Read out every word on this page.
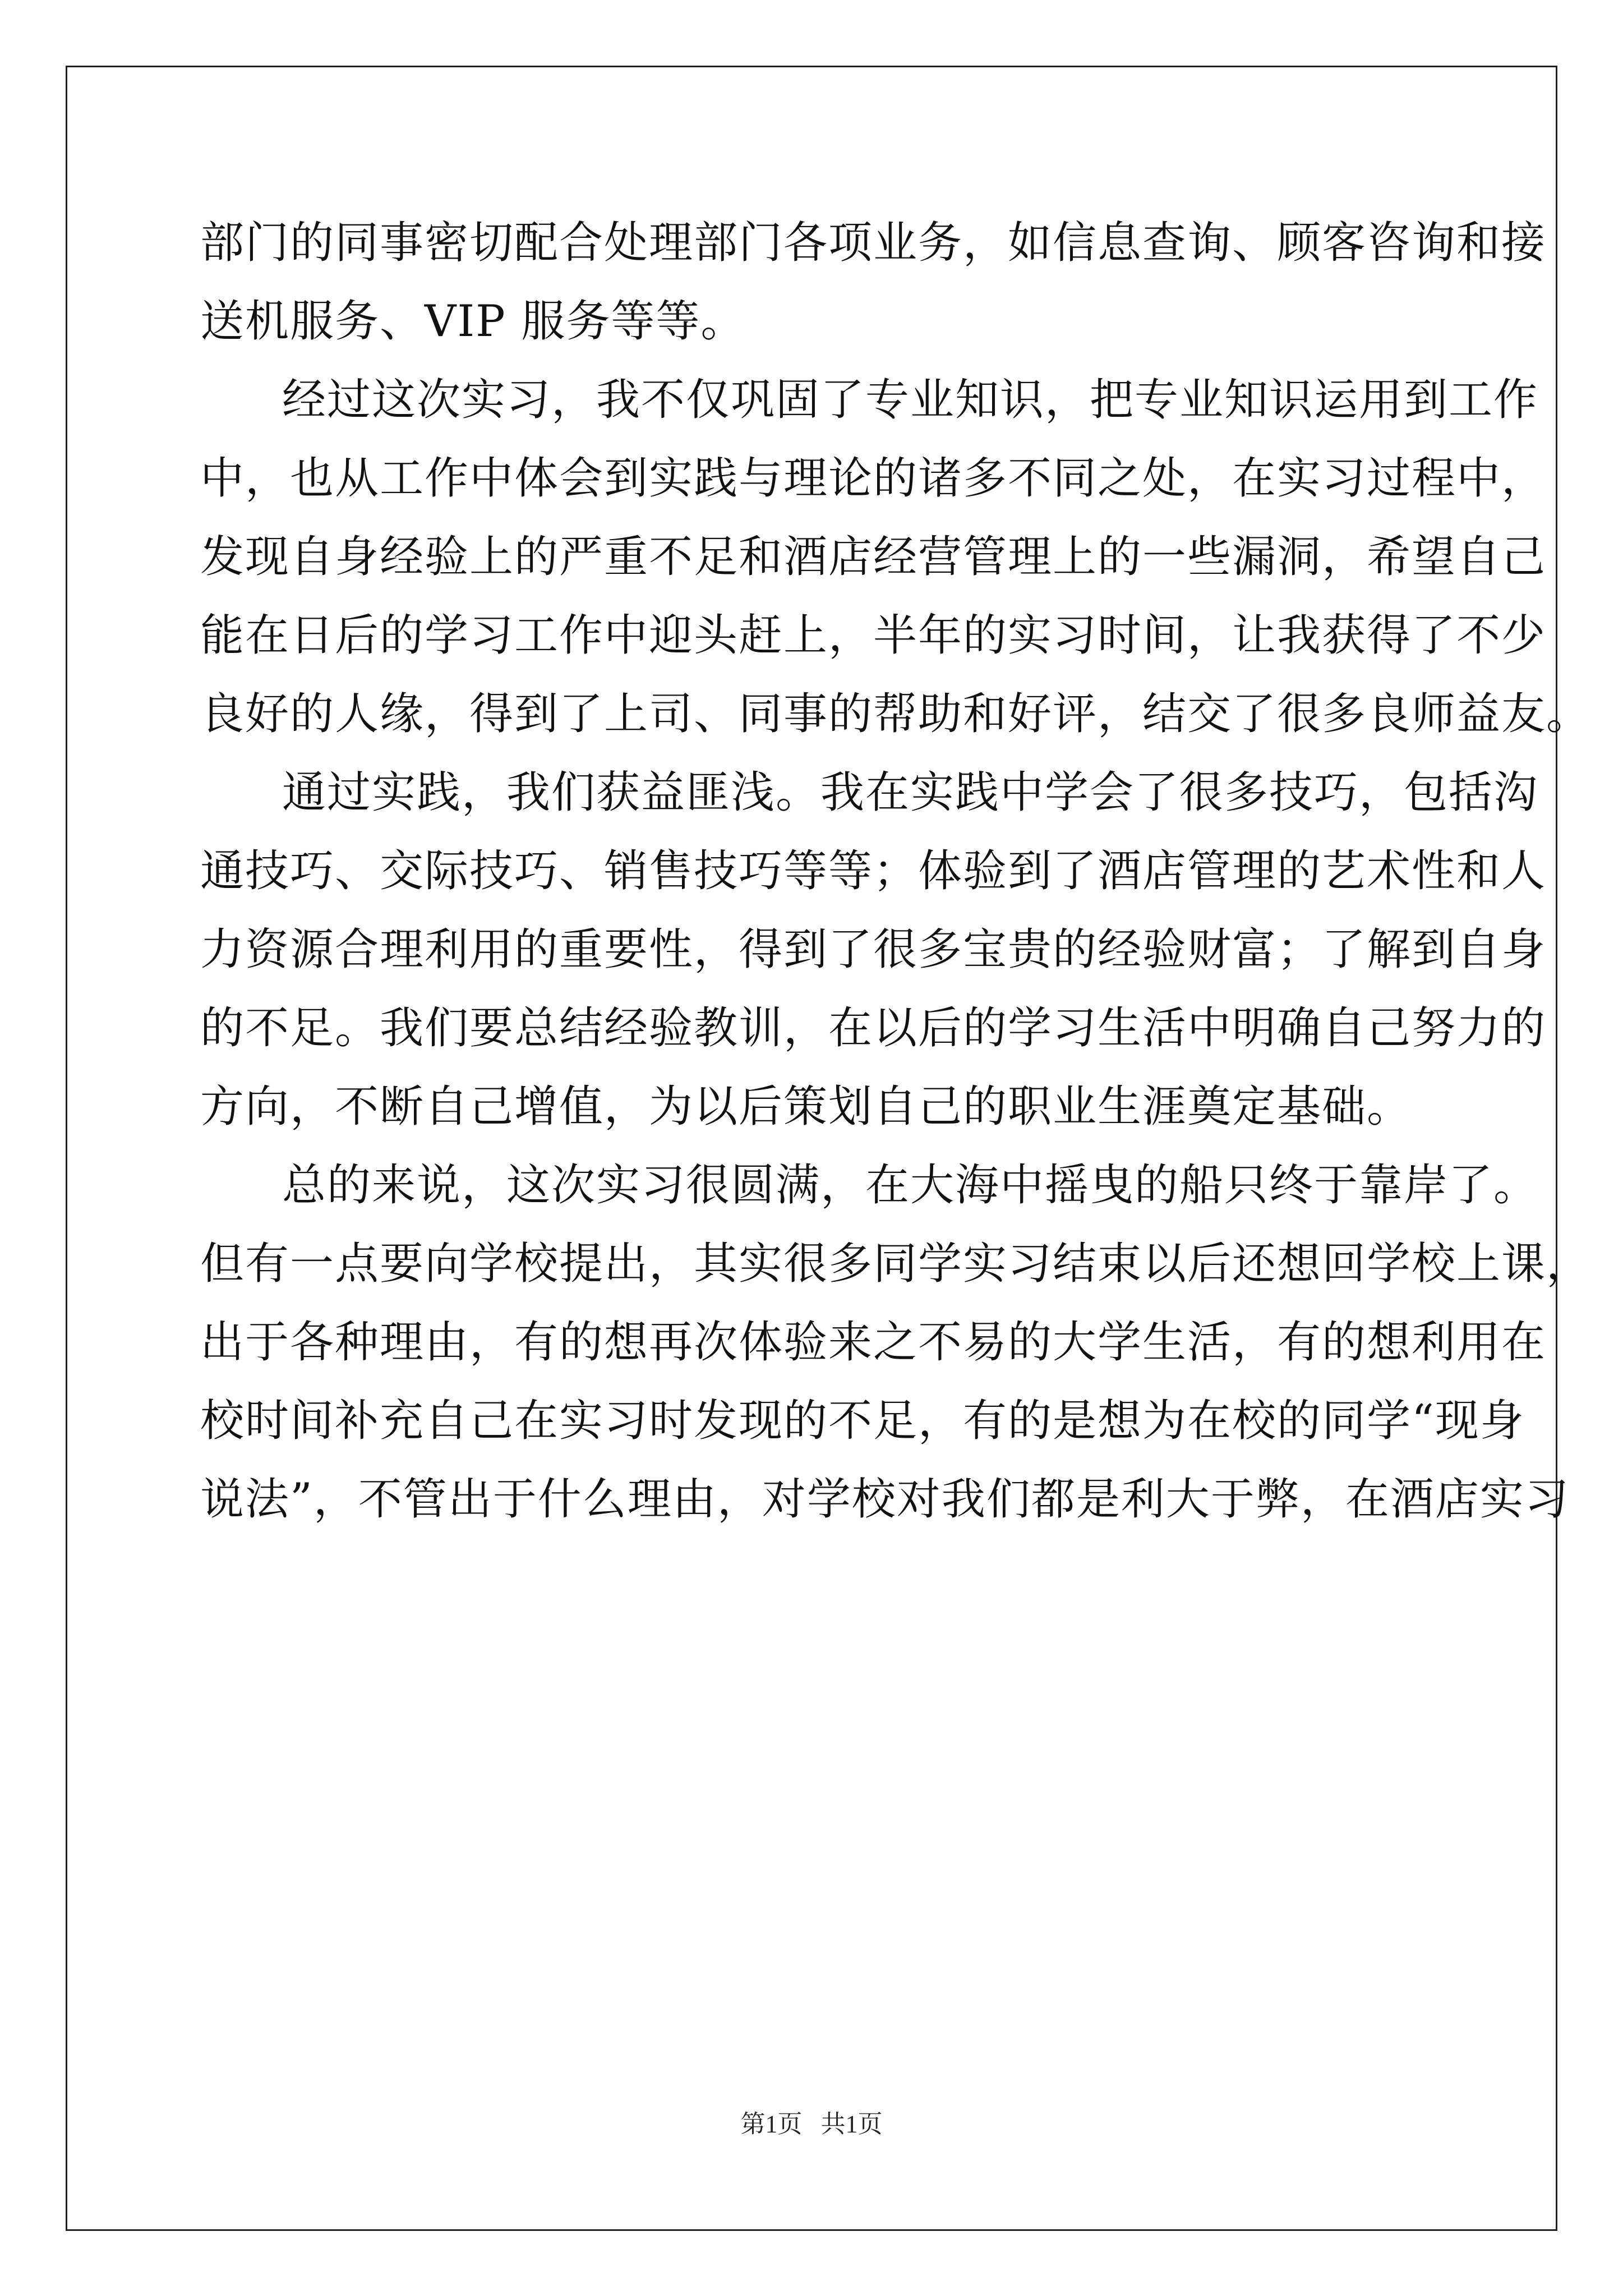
部门的同事密切配合处理部门各项业务，如信息查询、顾客咨询和接
送机服务、VIP 服务等等。
经过这次实习，我不仅巩固了专业知识，把专业知识运用到工作
中，也从工作中体会到实践与理论的诸多不同之处，在实习过程中，
发现自身经验上的严重不足和酒店经营管理上的一些漏洞，希望自己
能在日后的学习工作中迎头赶上，半年的实习时间，让我获得了不少
良好的人缘，得到了上司、同事的帮助和好评，结交了很多良师益友。
通过实践，我们获益匪浅。我在实践中学会了很多技巧，包括沟
通技巧、交际技巧、销售技巧等等；体验到了酒店管理的艺术性和人
力资源合理利用的重要性，得到了很多宝贵的经验财富；了解到自身
的不足。我们要总结经验教训，在以后的学习生活中明确自己努力的
方向，不断自己增值，为以后策划自己的职业生涯奠定基础。
总的来说，这次实习很圆满，在大海中摇曳的船只终于靠岸了。
但有一点要向学校提出，其实很多同学实习结束以后还想回学校上课，
出于各种理由，有的想再次体验来之不易的大学生活，有的想利用在
校时间补充自己在实习时发现的不足，有的是想为在校的同学“现身
说法”，不管出于什么理由，对学校对我们都是利大于弊，在酒店实习
第1页   共1页
